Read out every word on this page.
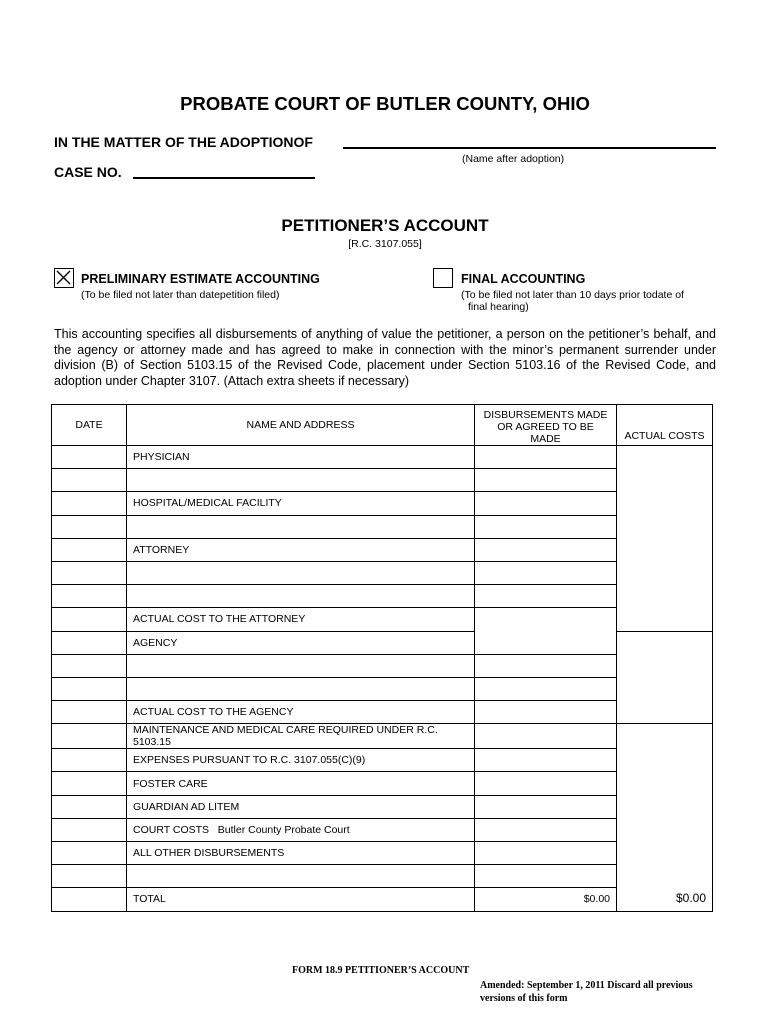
PROBATE COURT OF BUTLER COUNTY, OHIO
IN THE MATTER OF THE ADOPTIONOF
(Name after adoption)
CASE NO.
PETITIONER’S ACCOUNT
[R.C. 3107.055]
PRELIMINARY ESTIMATE ACCOUNTING
(To be filed not later than datepetition filed)
FINAL ACCOUNTING
(To be filed not later than 10 days prior todate of
final hearing)
This accounting specifies all disbursements of anything of value the petitioner, a person on the petitioner’s behalf, and the agency or attorney made and has agreed to make in connection with the minor’s permanent surrender under division (B) of Section 5103.15 of the Revised Code, placement under Section 5103.16 of the Revised Code, and adoption under Chapter 3107. (Attach extra sheets if necessary)
DATE	NAME AND ADDRESS	DISBURSEMENTS MADE
OR AGREED TO BE MADE	ACTUAL COSTS
	PHYSICIAN		

	HOSPITAL/MEDICAL FACILITY		

	ATTORNEY		

	ACTUAL COST TO THE ATTORNEY		
	AGENCY		

	ACTUAL COST TO THE AGENCY		
	MAINTENANCE AND MEDICAL CARE REQUIRED UNDER R.C. 5103.15		
	EXPENSES PURSUANT TO R.C. 3107.055(C)(9)		
	FOSTER CARE		
	GUARDIAN AD LITEM		
	COURT COSTS   Butler County Probate Court		
	ALL OTHER DISBURSEMENTS		

	TOTAL	$0.00		$0.00
FORM 18.9 PETITIONER’S ACCOUNT
Amended: September 1, 2011 Discard all previous
versions of this form
